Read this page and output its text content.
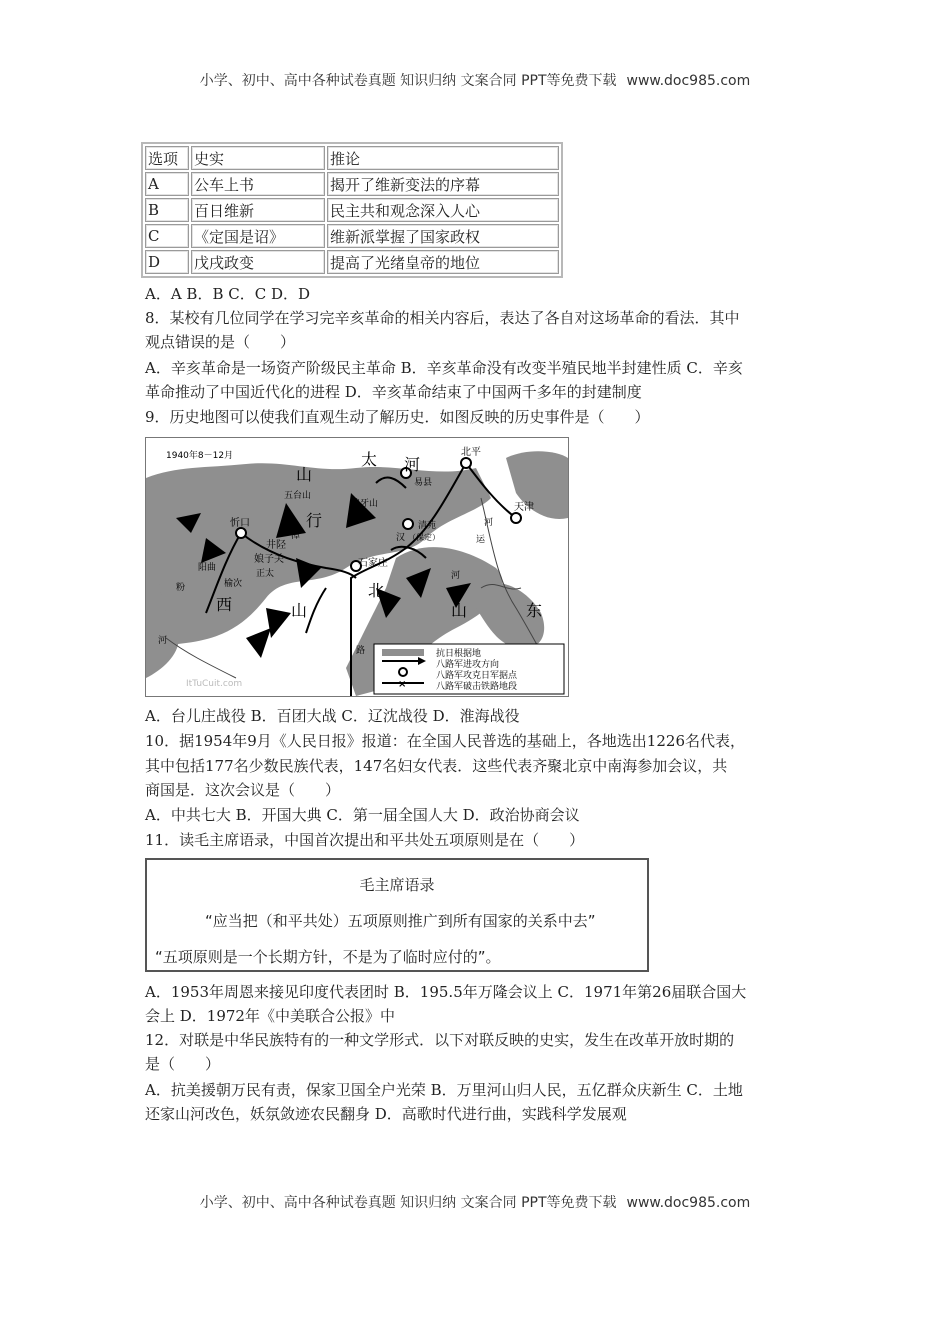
小学、初中、高中各种试卷真题 知识归纳 文案合同 PPT等免费下载 www.doc985.com
选项	史实	推论
A	公车上书	揭开了维新变法的序幕
B	百日维新	民主共和观念深入人心
C	《定国是诏》	维新派掌握了国家政权
D	戊戌政变	提高了光绪皇帝的地位
A．A B．B C．C D．D
8．某校有几位同学在学习完辛亥革命的相关内容后，表达了各自对这场革命的看法．其中
观点错误的是（　　）
A．辛亥革命是一场资产阶级民主革命 B．辛亥革命没有改变半殖民地半封建性质 C．辛亥
革命推动了中国近代化的进程 D．辛亥革命结束了中国两千多年的封建制度
9．历史地图可以使我们直观生动了解历史．如图反映的历史事件是（　　）
1940年8－12月
山
太 河
北平
易县
五台山
狼牙山
行	清苑
忻口
漳	汉 （保定）
天津
运
河
井陉
娘子关	石家庄
阳曲
正太
榆次
粉
西	山
北
河
山	东
河
路
ItTuCuit.com	×
抗日根据地
八路军进攻方向
八路军攻克日军据点
八路军破击铁路地段
A．台儿庄战役 B．百团大战 C．辽沈战役 D．淮海战役
10．据1954年9月《人民日报》报道：在全国人民普选的基础上，各地选出1226名代表，
其中包括177名少数民族代表，147名妇女代表．这些代表齐聚北京中南海参加会议，共
商国是．这次会议是（　　）
A．中共七大 B．开国大典 C．第一届全国人大 D．政治协商会议
11．读毛主席语录，中国首次提出和平共处五项原则是在（　　）
毛主席语录
“应当把（和平共处）五项原则推广到所有国家的关系中去”
“五项原则是一个长期方针，不是为了临时应付的”。
A．1953年周恩来接见印度代表团时 B．195.5年万隆会议上 C．1971年第26届联合国大
会上 D．1972年《中美联合公报》中
12．对联是中华民族特有的一种文学形式．以下对联反映的史实，发生在改革开放时期的
是（　　）
A．抗美援朝万民有责，保家卫国全户光荣 B．万里河山归人民，五亿群众庆新生 C．土地
还家山河改色，妖氛敛迹农民翻身 D．高歌时代进行曲，实践科学发展观
小学、初中、高中各种试卷真题 知识归纳 文案合同 PPT等免费下载 www.doc985.com
